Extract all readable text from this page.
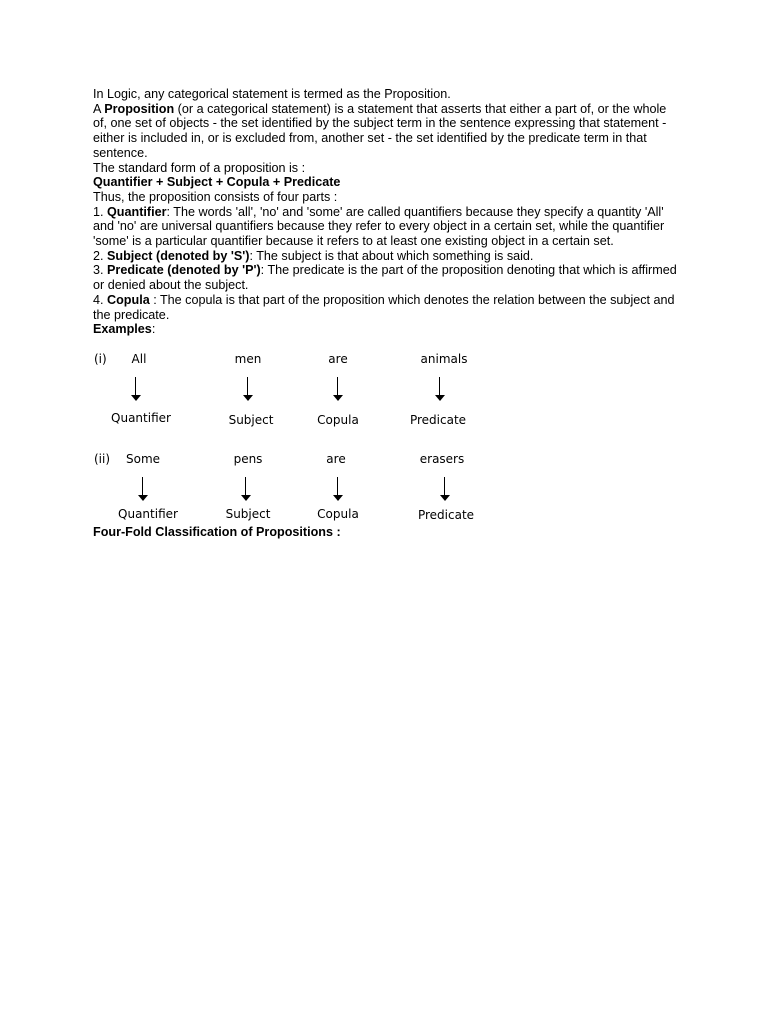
In Logic, any categorical statement is termed as the Proposition.

A Proposition (or a categorical statement) is a statement that asserts that either a part of, or the whole of, one set of objects - the set identified by the subject term in the sentence expressing that statement - either is included in, or is excluded from, another set - the set identified by the predicate term in that sentence.

The standard form of a proposition is :

Quantifier + Subject + Copula + Predicate

Thus, the proposition consists of four parts :

1. Quantifier: The words 'all', 'no' and 'some' are called quantifiers because they specify a quantity 'All' and 'no' are universal quantifiers because they refer to every object in a certain set, while the quantifier 'some' is a particular quantifier because it refers to at least one existing object in a certain set.

2. Subject (denoted by 'S'): The subject is that about which something is said.

3. Predicate (denoted by 'P'): The predicate is the part of the proposition denoting that which is affirmed or denied about the subject.

4. Copula : The copula is that part of the proposition which denotes the relation between the subject and the predicate.

Examples:

(i) All	men	are	animals
Quantifier	Subject	Copula	Predicate
(ii) Some	pens	are	erasers
Quantifier	Subject	Copula	Predicate
Four-Fold Classification of Propositions :
